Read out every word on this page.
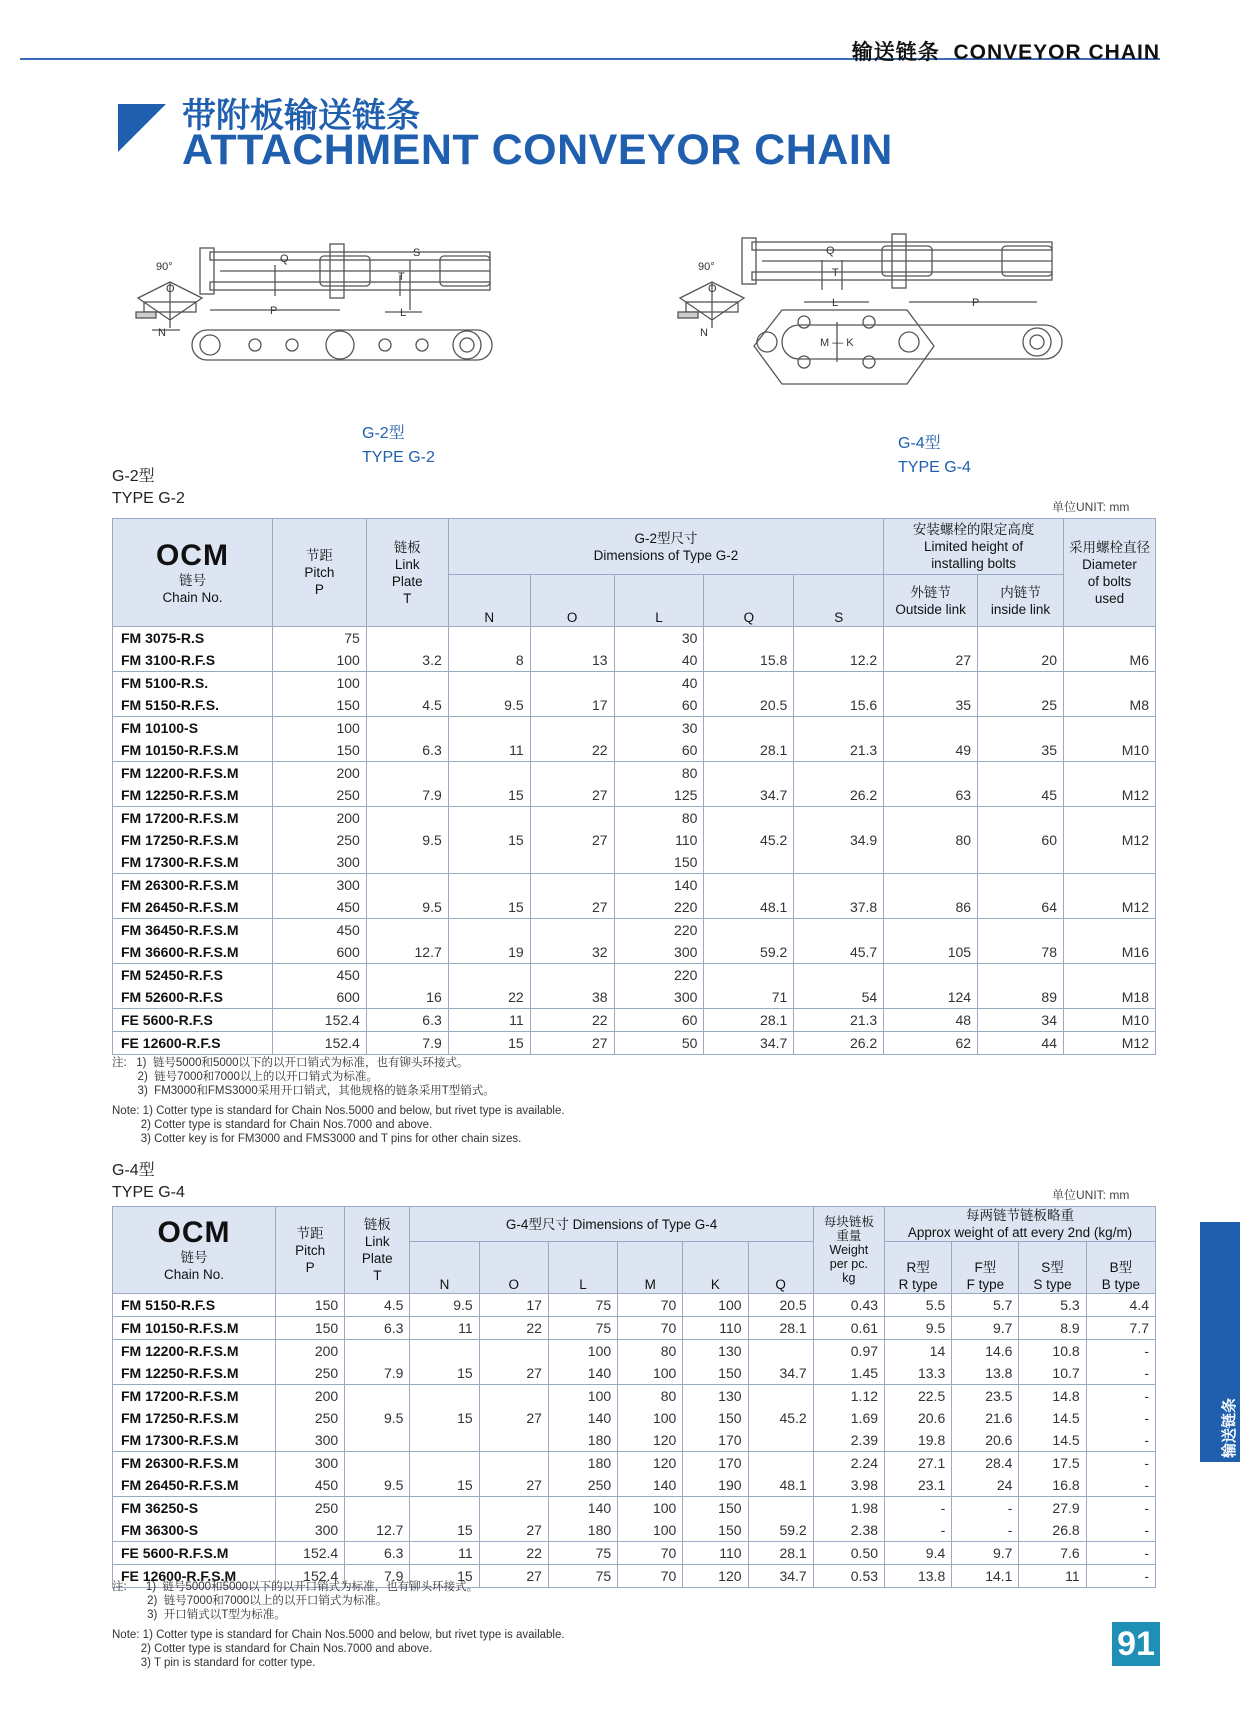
输送链条 CONVEYOR CHAIN
带附板输送链条
ATTACHMENT CONVEYOR CHAIN
90°
O
N
Q	S
T
P	L
G-2型
TYPE G-2
90°
O
N
Q
T
P
L
M — K
G-4型
TYPE G-4
G-2型
TYPE G-2	单位UNIT: mm
OCM
链号
Chain No.	节距
Pitch
P	链板
Link
Plate
T	G-2型尺寸
Dimensions of Type G-2					安装螺栓的限定高度
Limited height of
installing bolts		采用螺栓直径
Diameter
of bolts
used
			N	O	L	Q	S	外链节
Outside link	内链节
inside link	
FM 3075-R.S	75				30					
FM 3100-R.F.S	100	3.2	8	13	40	15.8	12.2	27	20	M6
FM 5100-R.S.	100				40					
FM 5150-R.F.S.	150	4.5	9.5	17	60	20.5	15.6	35	25	M8
FM 10100-S	100				30					
FM 10150-R.F.S.M	150	6.3	11	22	60	28.1	21.3	49	35	M10
FM 12200-R.F.S.M	200				80					
FM 12250-R.F.S.M	250	7.9	15	27	125	34.7	26.2	63	45	M12
FM 17200-R.F.S.M	200				80					
FM 17250-R.F.S.M	250	9.5	15	27	110	45.2	34.9	80	60	M12
FM 17300-R.F.S.M	300				150					
FM 26300-R.F.S.M	300				140					
FM 26450-R.F.S.M	450	9.5	15	27	220	48.1	37.8	86	64	M12
FM 36450-R.F.S.M	450				220					
FM 36600-R.F.S.M	600	12.7	19	32	300	59.2	45.7	105	78	M16
FM 52450-R.F.S	450				220					
FM 52600-R.F.S	600	16	22	38	300	71	54	124	89	M18
FE 5600-R.F.S	152.4	6.3	11	22	60	28.1	21.3	48	34	M10
FE 12600-R.F.S	152.4	7.9	15	27	50	34.7	26.2	62	44	M12
注:   1)  链号5000和5000以下的以开口销式为标准，也有铆头环接式。
2)  链号7000和7000以上的以开口销式为标准。
3)  FM3000和FMS3000采用开口销式，其他规格的链条采用T型销式。
Note: 1) Cotter type is standard for Chain Nos.5000 and below, but rivet type is available.
2) Cotter type is standard for Chain Nos.7000 and above.
3) Cotter key is for FM3000 and FMS3000 and T pins for other chain sizes.
G-4型
TYPE G-4	单位UNIT: mm
OCM
链号
Chain No.	节距
Pitch
P	链板
Link
Plate
T	G-4型尺寸 Dimensions of Type G-4						每块链板
重量
Weight
per pc.
kg	每两链节链板略重
Approx weight of att every 2nd (kg/m)			
			N	O	L	M	K	Q		R型
R type	F型
F type	S型
S type	B型
B type
FM 5150-R.F.S	150	4.5	9.5	17	75	70	100	20.5	0.43	5.5	5.7	5.3	4.4
FM 10150-R.F.S.M	150	6.3	11	22	75	70	110	28.1	0.61	9.5	9.7	8.9	7.7
FM 12200-R.F.S.M	200				100	80	130		0.97	14	14.6	10.8	-
FM 12250-R.F.S.M	250	7.9	15	27	140	100	150	34.7	1.45	13.3	13.8	10.7	-
FM 17200-R.F.S.M	200				100	80	130		1.12	22.5	23.5	14.8	-
FM 17250-R.F.S.M	250	9.5	15	27	140	100	150	45.2	1.69	20.6	21.6	14.5	-
FM 17300-R.F.S.M	300				180	120	170		2.39	19.8	20.6	14.5	-
FM 26300-R.F.S.M	300				180	120	170		2.24	27.1	28.4	17.5	-
FM 26450-R.F.S.M	450	9.5	15	27	250	140	190	48.1	3.98	23.1	24	16.8	-
FM 36250-S	250				140	100	150		1.98	-	-	27.9	-
FM 36300-S	300	12.7	15	27	180	100	150	59.2	2.38	-	-	26.8	-
FE 5600-R.F.S.M	152.4	6.3	11	22	75	70	110	28.1	0.50	9.4	9.7	7.6	-
FE 12600-R.F.S.M	152.4	7.9	15	27	75	70	120	34.7	0.53	13.8	14.1	11	-
注:      1)  链号5000和5000以下的以开口销式为标准，也有铆头环接式。
2)  链号7000和7000以上的以开口销式为标准。
3)  开口销式以T型为标准。
Note: 1) Cotter type is standard for Chain Nos.5000 and below, but rivet type is available.
2) Cotter type is standard for Chain Nos.7000 and above.
3) T pin is standard for cotter type.
CONVEYOR CHAIN
输送链条
91
